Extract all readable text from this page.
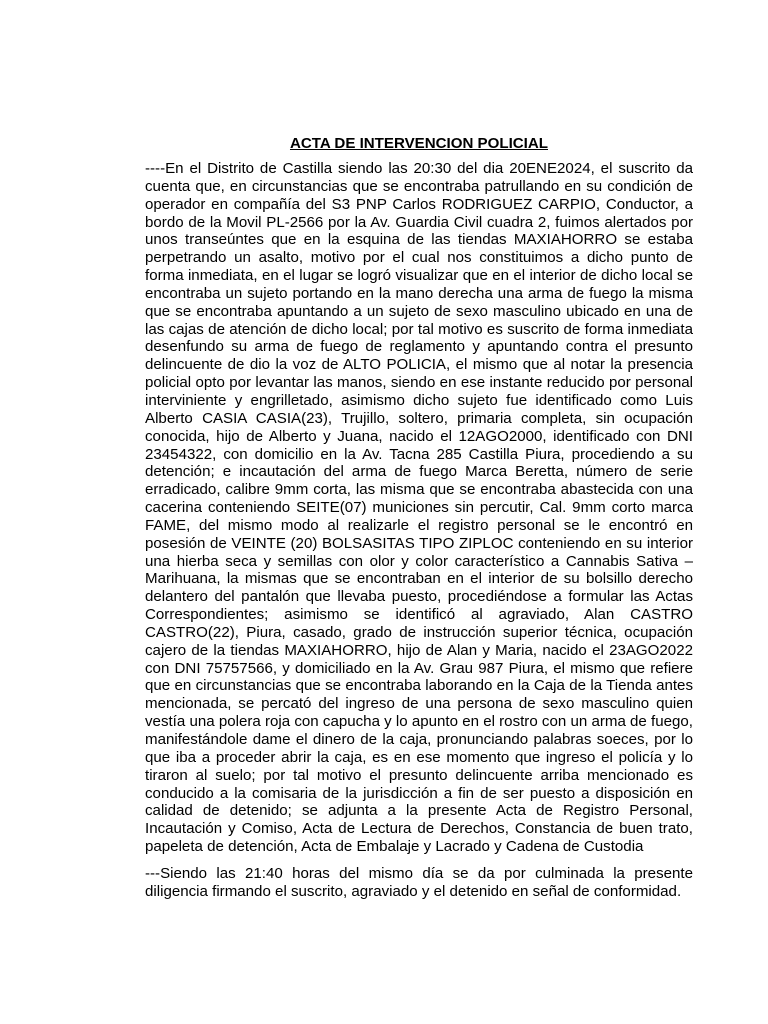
ACTA DE INTERVENCION POLICIAL

----En el Distrito de Castilla siendo las 20:30 del dia 20ENE2024, el suscrito da cuenta que, en circunstancias que se encontraba patrullando en su condición de operador en compañía del S3 PNP Carlos RODRIGUEZ CARPIO, Conductor, a bordo de la Movil PL-2566 por la Av. Guardia Civil cuadra 2, fuimos alertados por unos transeúntes que en la esquina de las tiendas MAXIAHORRO se estaba perpetrando un asalto, motivo por el cual nos constituimos a dicho punto de forma inmediata, en el lugar se logró visualizar que en el interior de dicho local se encontraba un sujeto portando en la mano derecha una arma de fuego la misma que se encontraba apuntando a un sujeto de sexo masculino ubicado en una de las cajas de atención de dicho local; por tal motivo es suscrito de forma inmediata desenfundo su arma de fuego de reglamento y apuntando contra el presunto delincuente de dio la voz de ALTO POLICIA, el mismo que al notar la presencia policial opto por levantar las manos, siendo en ese instante reducido por personal interviniente y engrilletado, asimismo dicho sujeto fue identificado como Luis Alberto CASIA CASIA(23), Trujillo, soltero, primaria completa, sin ocupación conocida, hijo de Alberto y Juana, nacido el 12AGO2000, identificado con DNI 23454322, con domicilio en la Av. Tacna 285 Castilla Piura, procediendo a su detención; e incautación del arma de fuego Marca Beretta, número de serie erradicado, calibre 9mm corta, las misma que se encontraba abastecida con una cacerina conteniendo SEITE(07) municiones sin percutir, Cal. 9mm corto marca FAME, del mismo modo al realizarle el registro personal se le encontró en posesión de VEINTE (20) BOLSASITAS TIPO ZIPLOC conteniendo en su interior una hierba seca y semillas con olor y color característico a Cannabis Sativa – Marihuana, la mismas que se encontraban en el interior de su bolsillo derecho delantero del pantalón que llevaba puesto, procediéndose a formular las Actas Correspondientes; asimismo se identificó al agraviado, Alan CASTRO CASTRO(22), Piura, casado, grado de instrucción superior técnica, ocupación cajero de la tiendas MAXIAHORRO, hijo de Alan y Maria, nacido el 23AGO2022 con DNI 75757566, y domiciliado en la Av. Grau 987 Piura, el mismo que refiere que en circunstancias que se encontraba laborando en la Caja de la Tienda antes mencionada, se percató del ingreso de una persona de sexo masculino quien vestía una polera roja con capucha y lo apunto en el rostro con un arma de fuego, manifestándole dame el dinero de la caja, pronunciando palabras soeces, por lo que iba a proceder abrir la caja, es en ese momento que ingreso el policía y lo tiraron al suelo; por tal motivo el presunto delincuente arriba mencionado es conducido a la comisaria de la jurisdicción a fin de ser puesto a disposición en calidad de detenido; se adjunta a la presente Acta de Registro Personal, Incautación y Comiso, Acta de Lectura de Derechos, Constancia de buen trato, papeleta de detención, Acta de Embalaje y Lacrado y Cadena de Custodia

---Siendo las 21:40 horas del mismo día se da por culminada la presente diligencia firmando el suscrito, agraviado y el detenido en señal de conformidad.
